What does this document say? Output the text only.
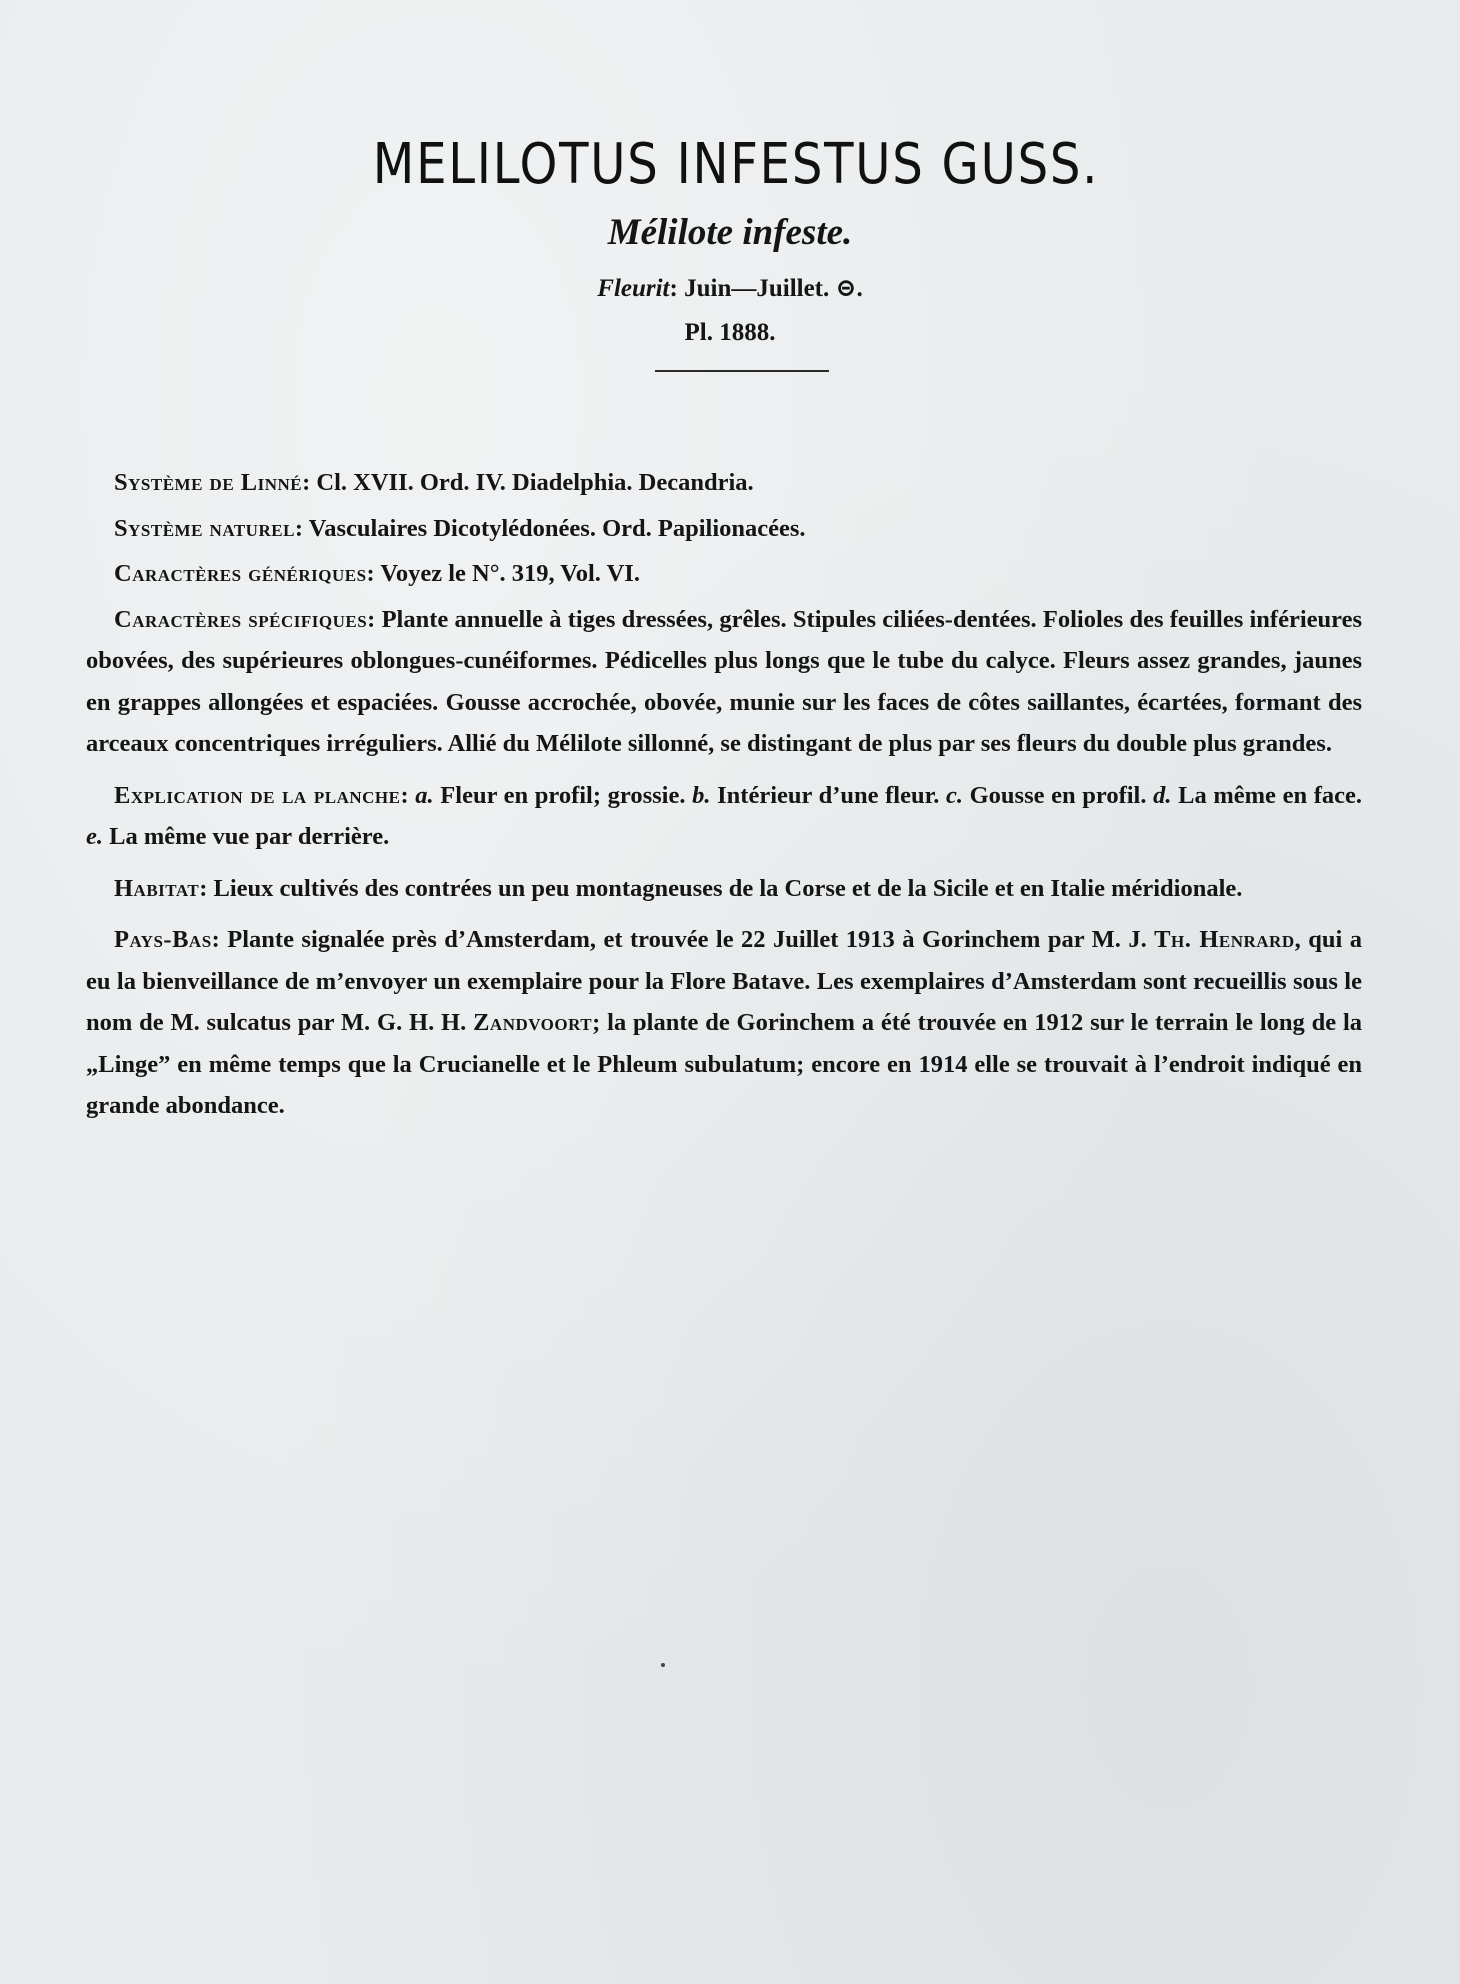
MELILOTUS INFESTUS GUSS.
Mélilote infeste.
Fleurit: Juin—Juillet. ⊝.
Pl. 1888.

Système de Linné: Cl. XVII. Ord. IV. Diadelphia. Decandria.

Système naturel: Vasculaires Dicotylédonées. Ord. Papilionacées.

Caractères génériques: Voyez le N°. 319, Vol. VI.

Caractères spécifiques: Plante annuelle à tiges dressées, grêles. Stipules ciliées-dentées. Folioles des feuilles inférieures obovées, des supérieures oblongues-cunéiformes. Pédicelles plus longs que le tube du calyce. Fleurs assez grandes, jaunes en grappes allongées et espaciées. Gousse accrochée, obovée, munie sur les faces de côtes saillantes, écartées, formant des arceaux concentriques irréguliers. Allié du Mélilote sillonné, se distingant de plus par ses fleurs du double plus grandes.

Explication de la planche: a. Fleur en profil; grossie. b. Intérieur d’une fleur. c. Gousse en profil. d. La même en face. e. La même vue par derrière.

Habitat: Lieux cultivés des contrées un peu montagneuses de la Corse et de la Sicile et en Italie méridionale.

Pays-Bas: Plante signalée près d’Amsterdam, et trouvée le 22 Juillet 1913 à Gorinchem par M. J. Th. Henrard, qui a eu la bienveillance de m’envoyer un exemplaire pour la Flore Batave. Les exemplaires d’Amsterdam sont recueillis sous le nom de M. sulcatus par M. G. H. H. Zandvoort; la plante de Gorinchem a été trouvée en 1912 sur le terrain le long de la „Linge” en même temps que la Crucianelle et le Phleum subulatum; encore en 1914 elle se trouvait à l’endroit indiqué en grande abondance.
